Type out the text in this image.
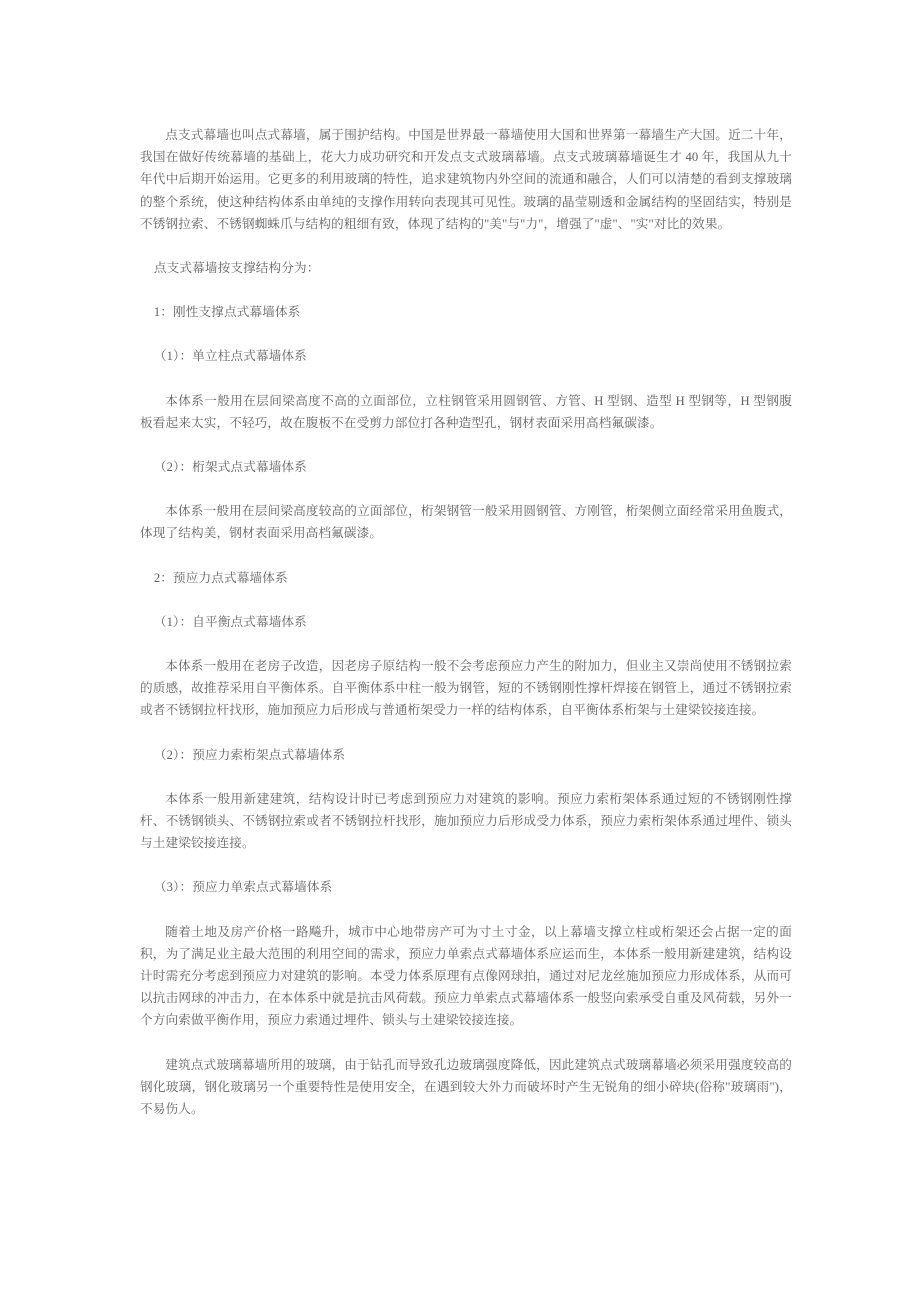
点支式幕墙也叫点式幕墙，属于围护结构。中国是世界最一幕墙使用大国和世界第一幕墙生产大国。近二十年，我国在做好传统幕墙的基础上，花大力成功研究和开发点支式玻璃幕墙。点支式玻璃幕墙诞生才 40 年，我国从九十年代中后期开始运用。它更多的利用玻璃的特性，追求建筑物内外空间的流通和融合，人们可以清楚的看到支撑玻璃的整个系统，使这种结构体系由单纯的支撑作用转向表现其可见性。玻璃的晶莹剔透和金属结构的坚固结实，特别是不锈钢拉索、不锈钢蜘蛛爪与结构的粗细有致，体现了结构的"美"与"力"，增强了"虚"、"实"对比的效果。

点支式幕墙按支撑结构分为：

1：刚性支撑点式幕墙体系

（1）：单立柱点式幕墙体系

本体系一般用在层间梁高度不高的立面部位，立柱钢管采用圆钢管、方管、H 型钢、造型 H 型钢等，H 型钢腹板看起来太实，不轻巧，故在腹板不在受剪力部位打各种造型孔，钢材表面采用高档氟碳漆。

（2）：桁架式点式幕墙体系

本体系一般用在层间梁高度较高的立面部位，桁架钢管一般采用圆钢管、方刚管，桁架侧立面经常采用鱼腹式，体现了结构美，钢材表面采用高档氟碳漆。

2：预应力点式幕墙体系

（1）：自平衡点式幕墙体系

本体系一般用在老房子改造，因老房子原结构一般不会考虑预应力产生的附加力，但业主又崇尚使用不锈钢拉索的质感，故推荐采用自平衡体系。自平衡体系中柱一般为钢管，短的不锈钢刚性撑杆焊接在钢管上，通过不锈钢拉索或者不锈钢拉杆找形，施加预应力后形成与普通桁架受力一样的结构体系，自平衡体系桁架与土建梁铰接连接。

（2）：预应力索桁架点式幕墙体系

本体系一般用新建建筑，结构设计时已考虑到预应力对建筑的影响。预应力索桁架体系通过短的不锈钢刚性撑杆、不锈钢锁头、不锈钢拉索或者不锈钢拉杆找形，施加预应力后形成受力体系，预应力索桁架体系通过埋件、锁头与土建梁铰接连接。

（3）：预应力单索点式幕墙体系

随着土地及房产价格一路飚升，城市中心地带房产可为寸土寸金，以上幕墙支撑立柱或桁架还会占据一定的面积，为了满足业主最大范围的利用空间的需求，预应力单索点式幕墙体系应运而生，本体系一般用新建建筑，结构设计时需充分考虑到预应力对建筑的影响。本受力体系原理有点像网球拍，通过对尼龙丝施加预应力形成体系，从而可以抗击网球的冲击力，在本体系中就是抗击风荷载。预应力单索点式幕墙体系一般竖向索承受自重及风荷载，另外一个方向索做平衡作用，预应力索通过埋件、锁头与土建梁铰接连接。

建筑点式玻璃幕墙所用的玻璃，由于钻孔而导致孔边玻璃强度降低，因此建筑点式玻璃幕墙必须采用强度较高的钢化玻璃，钢化玻璃另一个重要特性是使用安全，在遇到较大外力而破坏时产生无锐角的细小碎块(俗称"玻璃雨")，不易伤人。
